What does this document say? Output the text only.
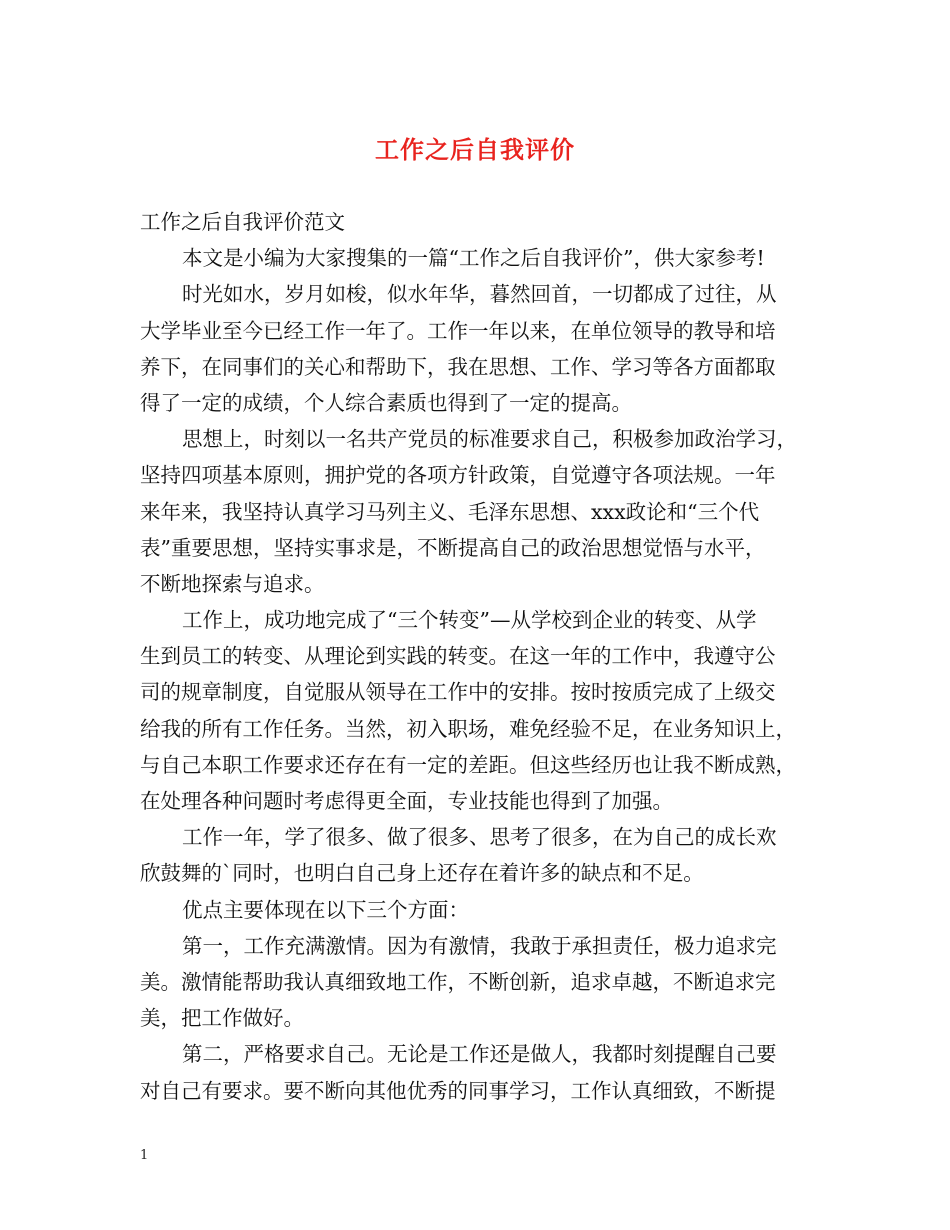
工作之后自我评价
工作之后自我评价范文
本文是小编为大家搜集的一篇“工作之后自我评价”，供大家参考!
时光如水，岁月如梭，似水年华，暮然回首，一切都成了过往，从
大学毕业至今已经工作一年了。工作一年以来，在单位领导的教导和培
养下，在同事们的关心和帮助下，我在思想、工作、学习等各方面都取
得了一定的成绩，个人综合素质也得到了一定的提高。
思想上，时刻以一名共产党员的标准要求自己，积极参加政治学习，
坚持四项基本原则，拥护党的各项方针政策，自觉遵守各项法规。一年
来年来，我坚持认真学习马列主义、毛泽东思想、xxx政论和“三个代
表”重要思想，坚持实事求是，不断提高自己的政治思想觉悟与水平，
不断地探索与追求。
工作上，成功地完成了“三个转变”—从学校到企业的转变、从学
生到员工的转变、从理论到实践的转变。在这一年的工作中，我遵守公
司的规章制度，自觉服从领导在工作中的安排。按时按质完成了上级交
给我的所有工作任务。当然，初入职场，难免经验不足，在业务知识上，
与自己本职工作要求还存在有一定的差距。但这些经历也让我不断成熟，
在处理各种问题时考虑得更全面，专业技能也得到了加强。
工作一年，学了很多、做了很多、思考了很多，在为自己的成长欢
欣鼓舞的`同时，也明白自己身上还存在着许多的缺点和不足。
优点主要体现在以下三个方面：
第一，工作充满激情。因为有激情，我敢于承担责任，极力追求完
美。激情能帮助我认真细致地工作，不断创新，追求卓越，不断追求完
美，把工作做好。
第二，严格要求自己。无论是工作还是做人，我都时刻提醒自己要
对自己有要求。要不断向其他优秀的同事学习，工作认真细致，不断提
1
